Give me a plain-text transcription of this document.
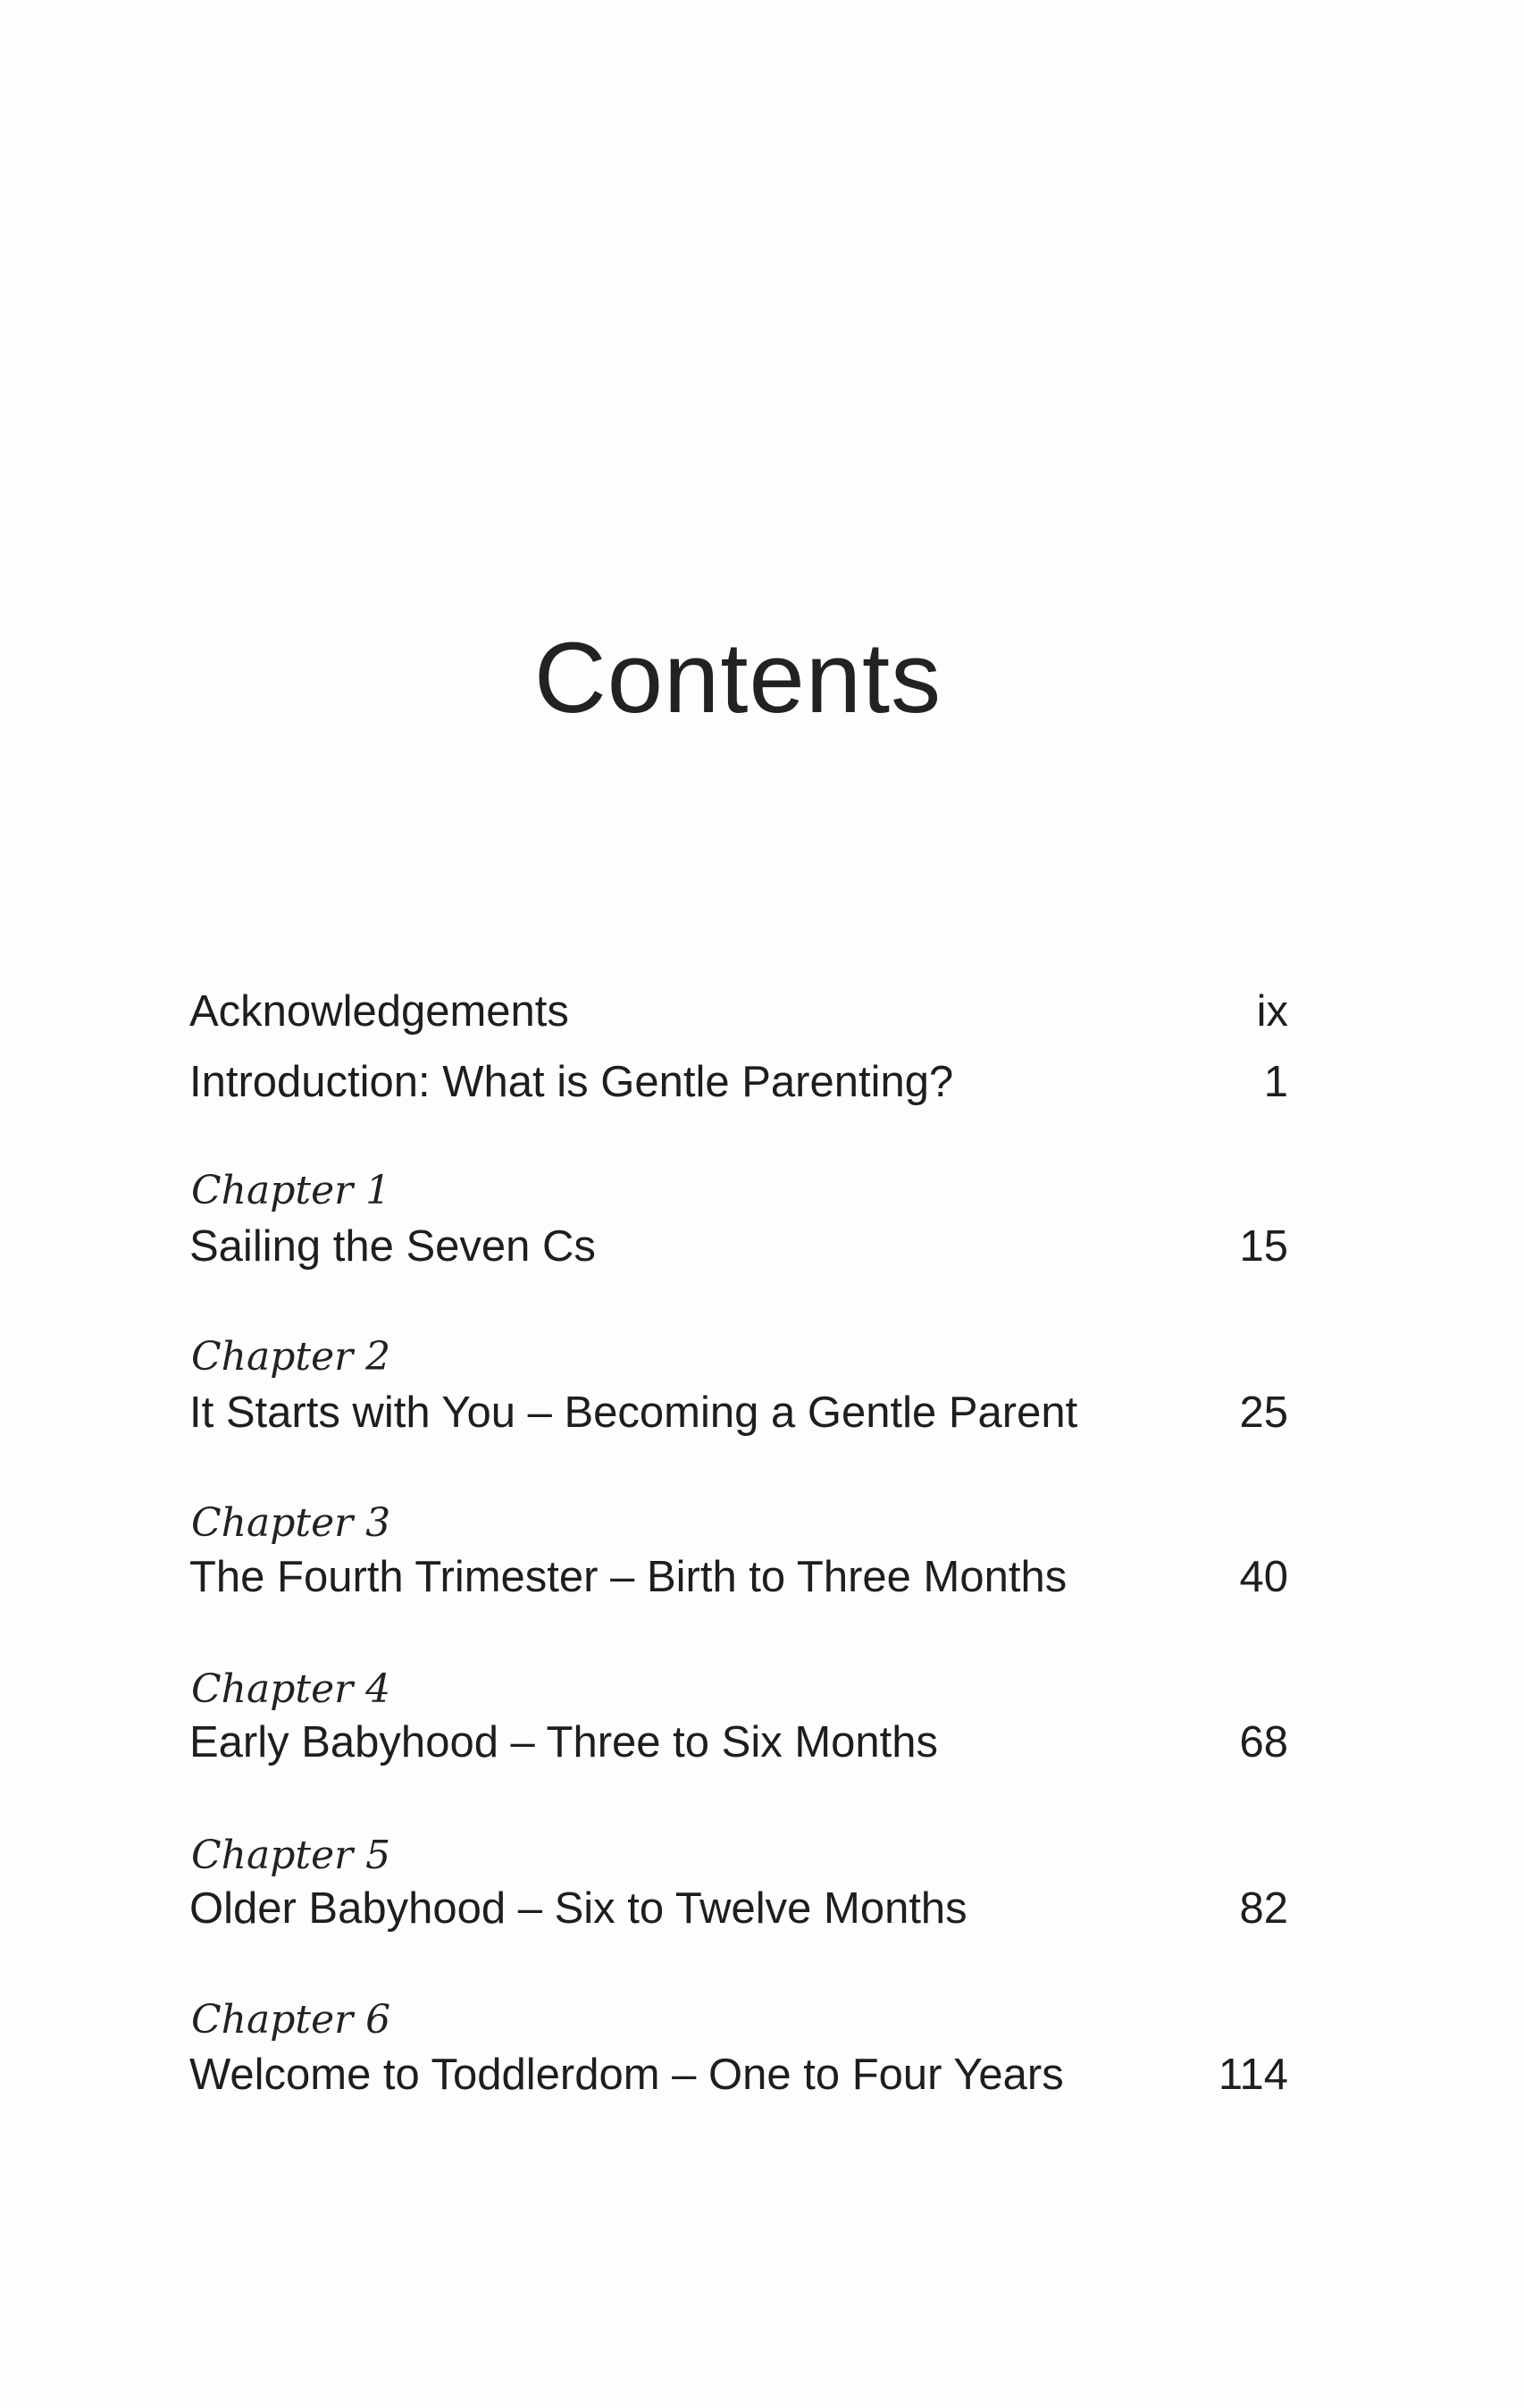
Contents
Acknowledgements	ix
Introduction: What is Gentle Parenting?	1
Chapter 1
Sailing the Seven Cs	15
Chapter 2
It Starts with You – Becoming a Gentle Parent	25
Chapter 3
The Fourth Trimester – Birth to Three Months	40
Chapter 4
Early Babyhood – Three to Six Months	68
Chapter 5
Older Babyhood – Six to Twelve Months	82
Chapter 6
Welcome to Toddlerdom – One to Four Years	114
